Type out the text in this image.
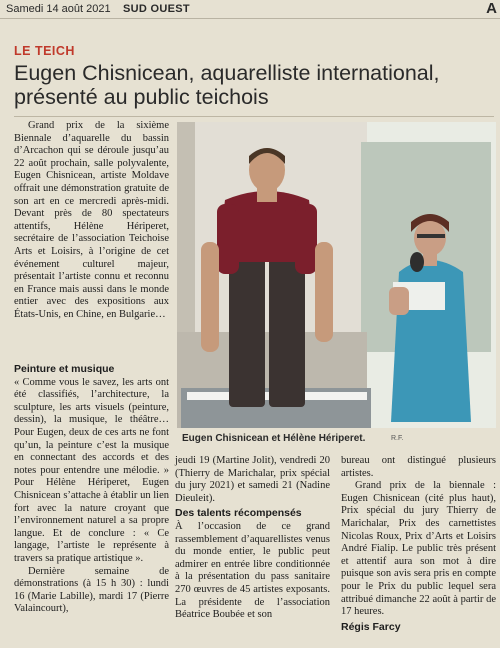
Samedi 14 août 2021 SUD OUEST	A
LE TEICH
Eugen Chisnicean, aquarelliste international, présenté au public teichois

Grand prix de la sixième Biennale d’aquarelle du bassin d’Arcachon qui se déroule jusqu’au 22 août prochain, salle polyvalente, Eugen Chisnicean, artiste Moldave offrait une démonstration gratuite de son art en ce mercredi après-midi. Devant près de 80 spectateurs attentifs, Hélène Hériperet, secrétaire de l’association Teichoise Arts et Loisirs, à l’origine de cet événement culturel majeur, présentait l’artiste connu et reconnu en France mais aussi dans le monde entier avec des expositions aux États-Unis, en Chine, en Bulgarie…

Peinture et musique

« Comme vous le savez, les arts ont été classifiés, l’architecture, la sculpture, les arts visuels (peinture, dessin), la musique, le théâtre… Pour Eugen, deux de ces arts ne font qu’un, la peinture c’est la musique en connectant des accords et des notes pour entendre une mélodie. » Pour Hélène Hériperet, Eugen Chisnicean s’attache à établir un lien fort avec la nature croyant que l’environnement naturel a sa propre langue. Et de conclure : « Ce langage, l’artiste le représente à travers sa pratique artistique ».

Dernière semaine de démonstrations (à 15 h 30) : lundi 16 (Marie Labille), mardi 17 (Pierre Valaincourt),

Eugen Chisnicean et Hélène Hériperet.	R.F.

jeudi 19 (Martine Jolit), vendredi 20 (Thierry de Marichalar, prix spécial du jury 2021) et samedi 21 (Nadine Dieuleit).

Des talents récompensés

À l’occasion de ce grand rassemblement d’aquarellistes venus du monde entier, le public peut admirer en entrée libre conditionnée à la présentation du pass sanitaire 270 œuvres de 45 artistes exposants. La présidente de l’association Béatrice Boubée et son

bureau ont distingué plusieurs artistes.

Grand prix de la biennale : Eugen Chisnicean (cité plus haut), Prix spécial du jury Thierry de Marichalar, Prix des carnettistes Nicolas Roux, Prix d’Arts et Loisirs André Fialip. Le public très présent et attentif aura son mot à dire puisque son avis sera pris en compte pour le Prix du public lequel sera attribué dimanche 22 août à partir de 17 heures.

Régis Farcy
